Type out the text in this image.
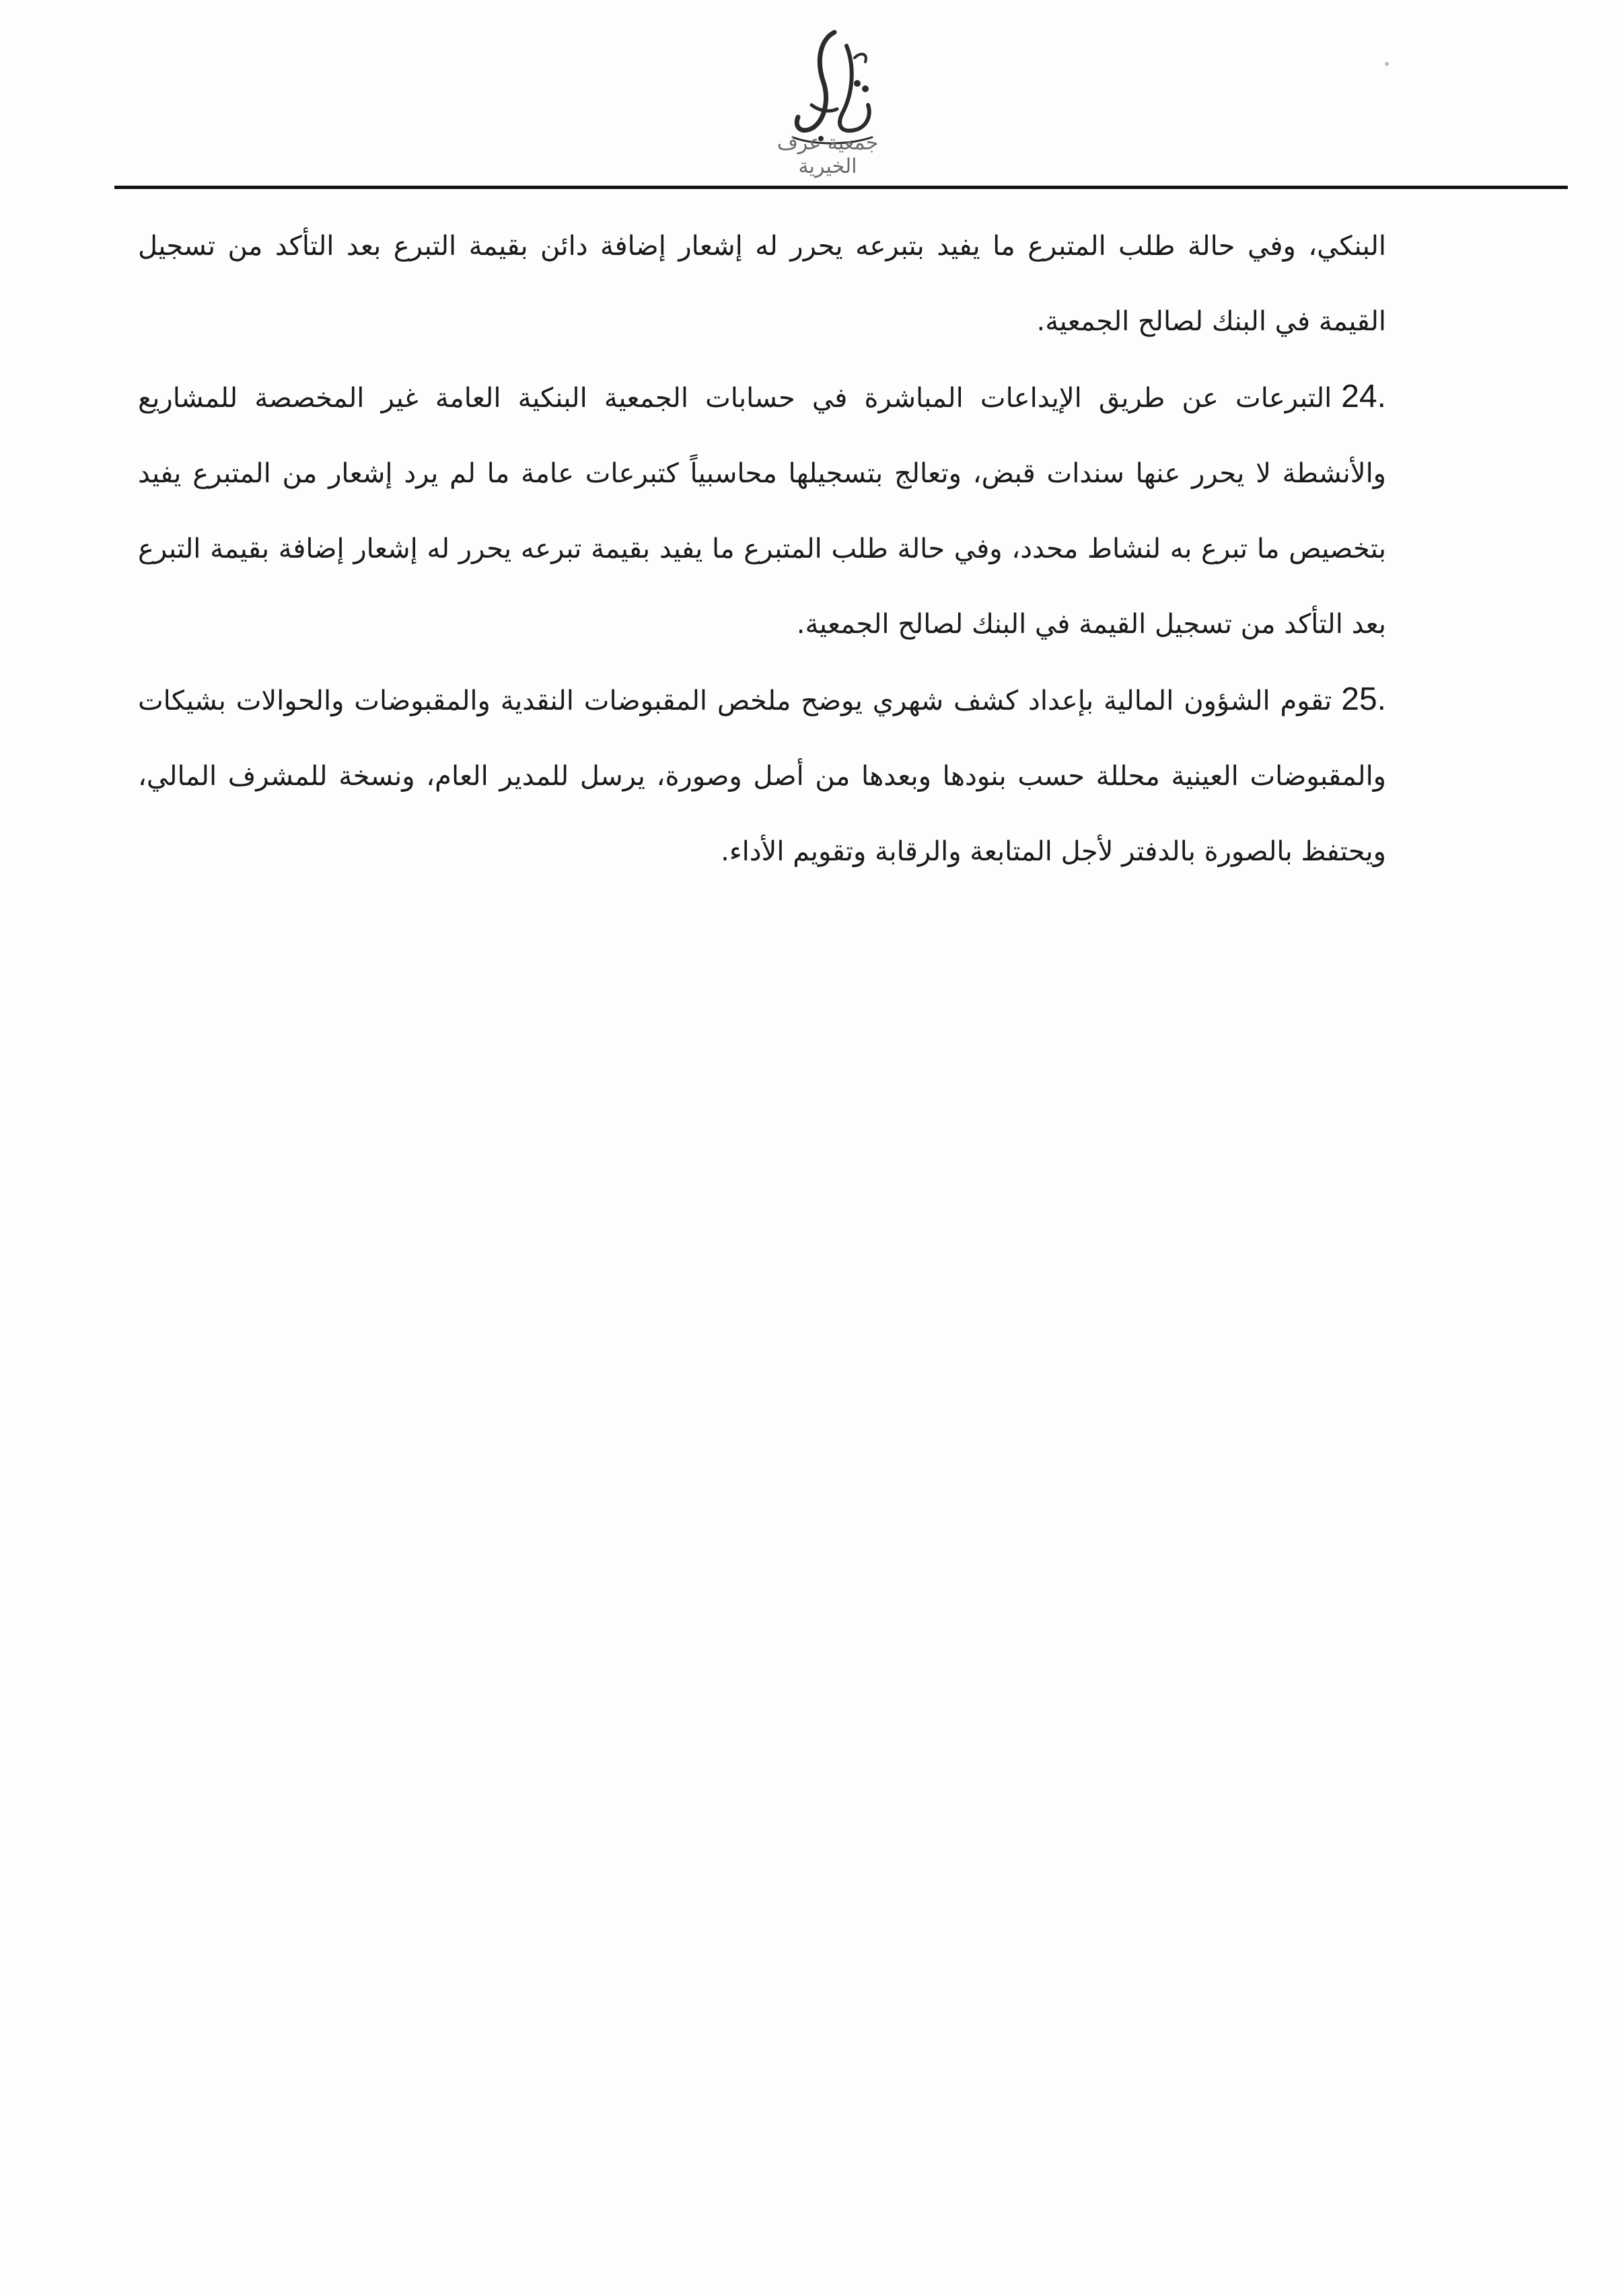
جمعية عرف الخيرية

البنكي، وفي حالة طلب المتبرع ما يفيد بتبرعه يحرر له إشعار إضافة دائن بقيمة التبرع بعد التأكد من تسجيل القيمة في البنك لصالح الجمعية.

24.التبرعات عن طريق الإيداعات المباشرة في حسابات الجمعية البنكية العامة غير المخصصة للمشاريع والأنشطة لا يحرر عنها سندات قبض، وتعالج بتسجيلها محاسبياً كتبرعات عامة ما لم يرد إشعار من المتبرع يفيد بتخصيص ما تبرع به لنشاط محدد، وفي حالة طلب المتبرع ما يفيد بقيمة تبرعه يحرر له إشعار إضافة بقيمة التبرع بعد التأكد من تسجيل القيمة في البنك لصالح الجمعية.

25.تقوم الشؤون المالية بإعداد كشف شهري يوضح ملخص المقبوضات النقدية والمقبوضات والحوالات بشيكات والمقبوضات العينية محللة حسب بنودها وبعدها من أصل وصورة، يرسل للمدير العام، ونسخة للمشرف المالي، ويحتفظ بالصورة بالدفتر لأجل المتابعة والرقابة وتقويم الأداء.
